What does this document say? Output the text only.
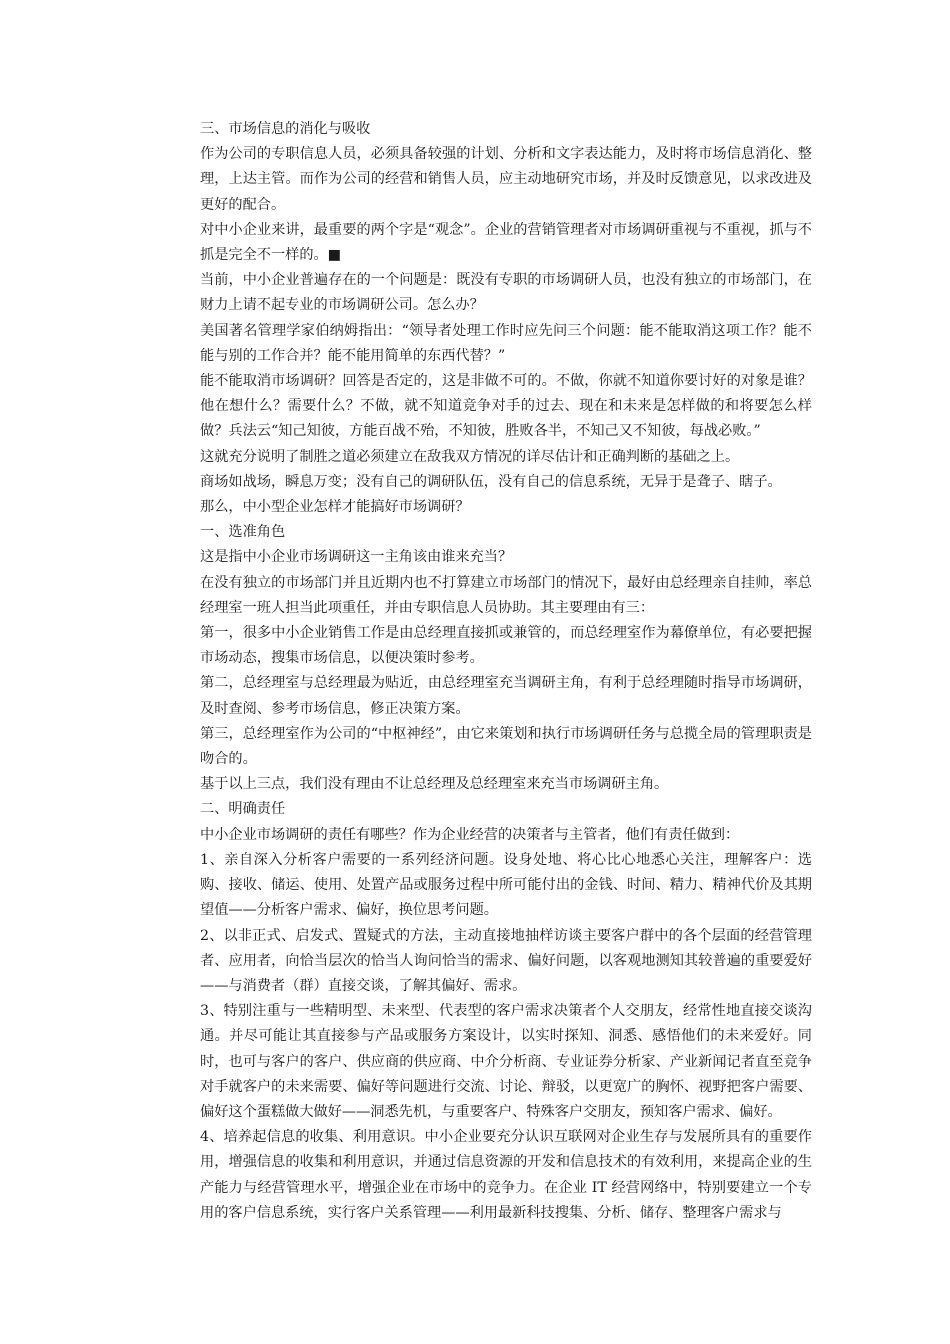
三、市场信息的消化与吸收

作为公司的专职信息人员，必须具备较强的计划、分析和文字表达能力，及时将市场信息消化、整理，上达主管。而作为公司的经营和销售人员，应主动地研究市场，并及时反馈意见，以求改进及更好的配合。

对中小企业来讲，最重要的两个字是“观念”。企业的营销管理者对市场调研重视与不重视，抓与不抓是完全不一样的。■

当前，中小企业普遍存在的一个问题是：既没有专职的市场调研人员，也没有独立的市场部门，在财力上请不起专业的市场调研公司。怎么办？

美国著名管理学家伯纳姆指出：“领导者处理工作时应先问三个问题：能不能取消这项工作？能不能与别的工作合并？能不能用简单的东西代替？”

能不能取消市场调研？回答是否定的，这是非做不可的。不做，你就不知道你要讨好的对象是谁？他在想什么？需要什么？不做，就不知道竞争对手的过去、现在和未来是怎样做的和将要怎么样做？兵法云“知己知彼，方能百战不殆，不知彼，胜败各半，不知己又不知彼，每战必败。”

这就充分说明了制胜之道必须建立在敌我双方情况的详尽估计和正确判断的基础之上。

商场如战场，瞬息万变；没有自己的调研队伍，没有自己的信息系统，无异于是聋子、瞎子。

那么，中小型企业怎样才能搞好市场调研？

一、选准角色

这是指中小企业市场调研这一主角该由谁来充当？

在没有独立的市场部门并且近期内也不打算建立市场部门的情况下，最好由总经理亲自挂帅，率总经理室一班人担当此项重任，并由专职信息人员协助。其主要理由有三：

第一，很多中小企业销售工作是由总经理直接抓或兼管的，而总经理室作为幕僚单位，有必要把握市场动态，搜集市场信息，以便决策时参考。

第二，总经理室与总经理最为贴近，由总经理室充当调研主角，有利于总经理随时指导市场调研，及时查阅、参考市场信息，修正决策方案。

第三，总经理室作为公司的“中枢神经”，由它来策划和执行市场调研任务与总揽全局的管理职责是吻合的。

基于以上三点，我们没有理由不让总经理及总经理室来充当市场调研主角。

二、明确责任

中小企业市场调研的责任有哪些？作为企业经营的决策者与主管者，他们有责任做到：

1、亲自深入分析客户需要的一系列经济问题。设身处地、将心比心地悉心关注，理解客户：选购、接收、储运、使用、处置产品或服务过程中所可能付出的金钱、时间、精力、精神代价及其期望值——分析客户需求、偏好，换位思考问题。

2、以非正式、启发式、置疑式的方法，主动直接地抽样访谈主要客户群中的各个层面的经营管理者、应用者，向恰当层次的恰当人询问恰当的需求、偏好问题，以客观地测知其较普遍的重要爱好——与消费者（群）直接交谈，了解其偏好、需求。

3、特别注重与一些精明型、未来型、代表型的客户需求决策者个人交朋友，经常性地直接交谈沟通。并尽可能让其直接参与产品或服务方案设计，以实时探知、洞悉、感悟他们的未来爱好。同时，也可与客户的客户、供应商的供应商、中介分析商、专业证券分析家、产业新闻记者直至竞争对手就客户的未来需要、偏好等问题进行交流、讨论、辩驳，以更宽广的胸怀、视野把客户需要、偏好这个蛋糕做大做好——洞悉先机，与重要客户、特殊客户交朋友，预知客户需求、偏好。

4、培养起信息的收集、利用意识。中小企业要充分认识互联网对企业生存与发展所具有的重要作用，增强信息的收集和利用意识，并通过信息资源的开发和信息技术的有效利用，来提高企业的生产能力与经营管理水平，增强企业在市场中的竞争力。在企业 IT 经营网络中，特别要建立一个专用的客户信息系统，实行客户关系管理——利用最新科技搜集、分析、储存、整理客户需求与
